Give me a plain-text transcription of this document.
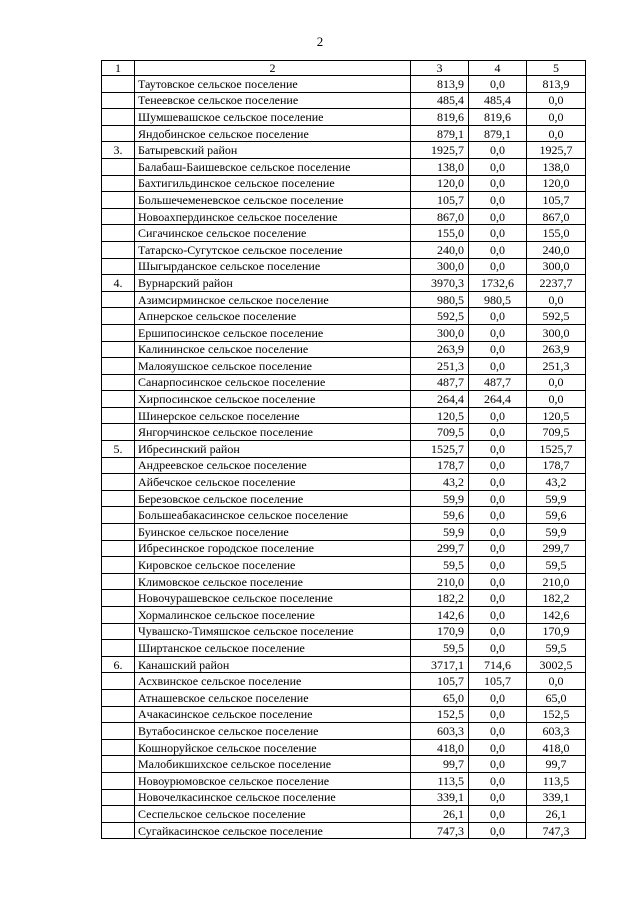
2
1	2	3	4	5
	Таутовское сельское поселение	813,9	0,0	813,9
	Тенеевское сельское поселение	485,4	485,4	0,0
	Шумшевашское сельское поселение	819,6	819,6	0,0
	Яндобинское сельское поселение	879,1	879,1	0,0
3.	Батыревский район	1925,7	0,0	1925,7
	Балабаш-Баишевское сельское поселение	138,0	0,0	138,0
	Бахтигильдинское сельское поселение	120,0	0,0	120,0
	Большечеменевское сельское поселение	105,7	0,0	105,7
	Новоахпердинское сельское поселение	867,0	0,0	867,0
	Сигачинское сельское поселение	155,0	0,0	155,0
	Татарско-Сугутское сельское поселение	240,0	0,0	240,0
	Шыгырданское сельское поселение	300,0	0,0	300,0
4.	Вурнарский район	3970,3	1732,6	2237,7
	Азимсирминское сельское поселение	980,5	980,5	0,0
	Апнерское сельское поселение	592,5	0,0	592,5
	Ершипосинское сельское поселение	300,0	0,0	300,0
	Калининское сельское поселение	263,9	0,0	263,9
	Малояушское сельское поселение	251,3	0,0	251,3
	Санарпосинское сельское поселение	487,7	487,7	0,0
	Хирпосинское сельское поселение	264,4	264,4	0,0
	Шинерское сельское поселение	120,5	0,0	120,5
	Янгорчинское сельское поселение	709,5	0,0	709,5
5.	Ибресинский район	1525,7	0,0	1525,7
	Андреевское сельское поселение	178,7	0,0	178,7
	Айбечское сельское поселение	43,2	0,0	43,2
	Березовское сельское поселение	59,9	0,0	59,9
	Большеабакасинское сельское поселение	59,6	0,0	59,6
	Буинское сельское поселение	59,9	0,0	59,9
	Ибресинское городское поселение	299,7	0,0	299,7
	Кировское сельское поселение	59,5	0,0	59,5
	Климовское сельское поселение	210,0	0,0	210,0
	Новочурашевское сельское поселение	182,2	0,0	182,2
	Хормалинское сельское поселение	142,6	0,0	142,6
	Чувашско-Тимяшское сельское поселение	170,9	0,0	170,9
	Ширтанское сельское поселение	59,5	0,0	59,5
6.	Канашский район	3717,1	714,6	3002,5
	Асхвинское сельское поселение	105,7	105,7	0,0
	Атнашевское сельское поселение	65,0	0,0	65,0
	Ачакасинское сельское поселение	152,5	0,0	152,5
	Вутабосинское сельское поселение	603,3	0,0	603,3
	Кошноруйское сельское поселение	418,0	0,0	418,0
	Малобикшихское сельское поселение	99,7	0,0	99,7
	Новоурюмовское сельское поселение	113,5	0,0	113,5
	Новочелкасинское сельское поселение	339,1	0,0	339,1
	Сеспельское сельское поселение	26,1	0,0	26,1
	Сугайкасинское сельское поселение	747,3	0,0	747,3
